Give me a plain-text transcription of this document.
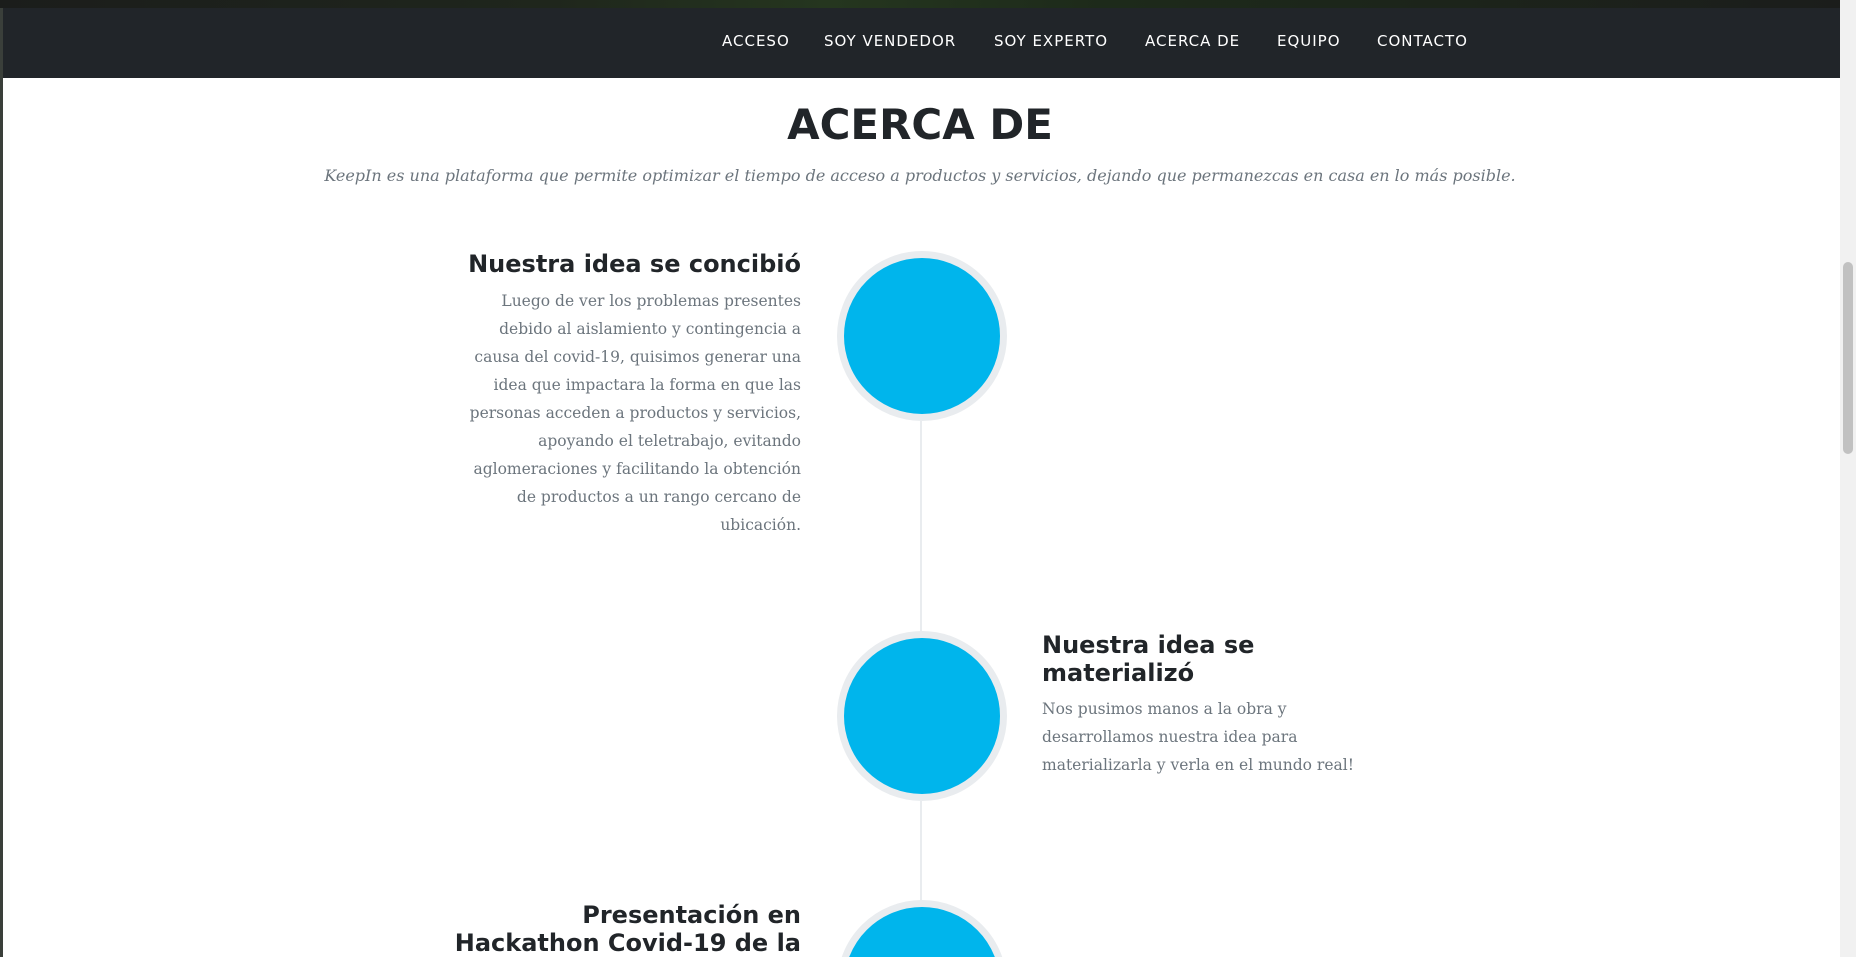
ACCESO SOY VENDEDOR	SOY EXPERTO ACERCA DE EQUIPO CONTACTO
ACERCA DE

KeepIn es una plataforma que permite optimizar el tiempo de acceso a productos y servicios, dejando que permanezcas en casa en lo más posible.

Nuestra idea se concibió
Luego de ver los problemas presentes debido al aislamiento y contingencia a causa del covid-19, quisimos generar una idea que impactara la forma en que las personas acceden a productos y servicios, apoyando el teletrabajo, evitando aglomeraciones y facilitando la obtención de productos a un rango cercano de ubicación.
Nuestra idea se materializó
Nos pusimos manos a la obra y desarrollamos nuestra idea para materializarla y verla en el mundo real!
Presentación en Hackathon Covid-19 de la
